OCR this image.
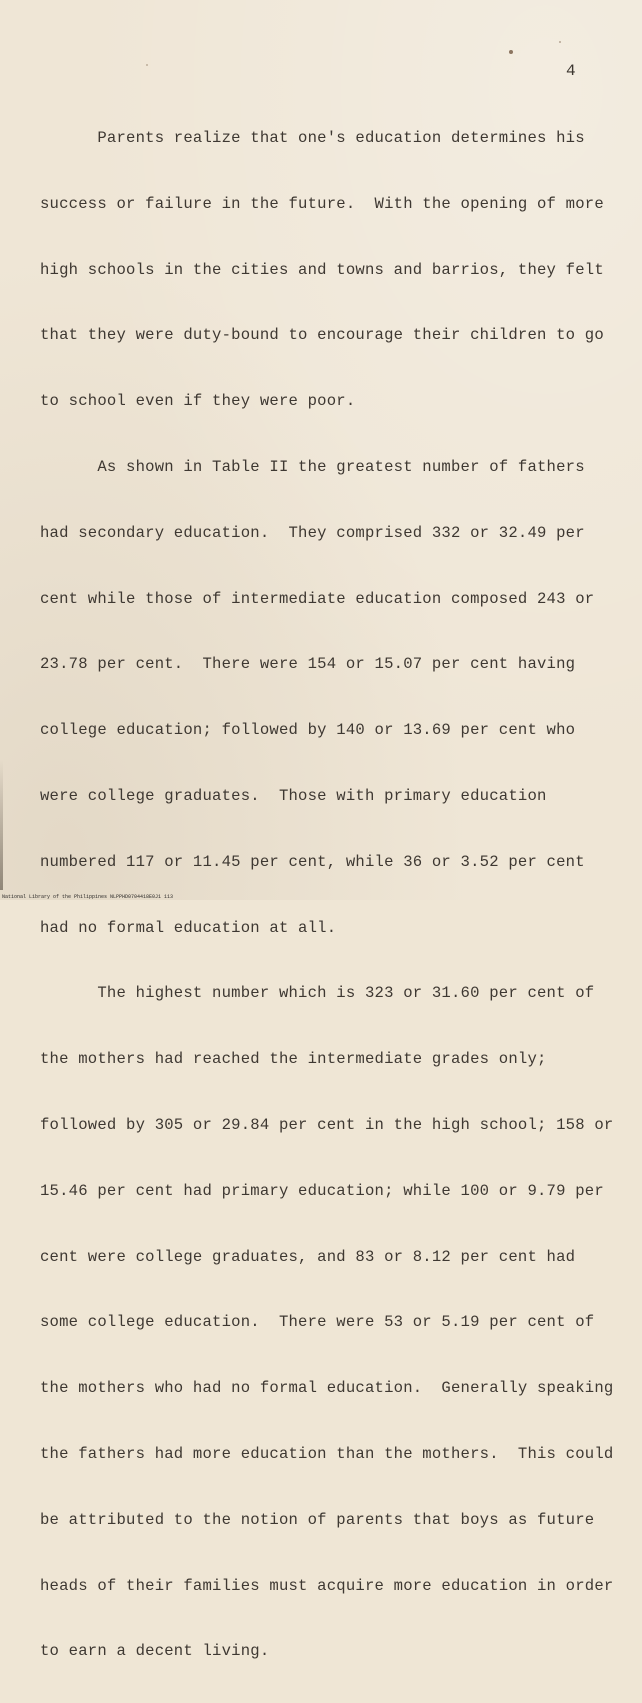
4

Parents realize that one's education determines his

success or failure in the future.  With the opening of more

high schools in the cities and towns and barrios, they felt

that they were duty-bound to encourage their children to go

to school even if they were poor.

As shown in Table II the greatest number of fathers

had secondary education.  They comprised 332 or 32.49 per

cent while those of intermediate education composed 243 or

23.78 per cent.  There were 154 or 15.07 per cent having

college education; followed by 140 or 13.69 per cent who

were college graduates.  Those with primary education

numbered 117 or 11.45 per cent, while 36 or 3.52 per cent

had no formal education at all.

The highest number which is 323 or 31.60 per cent of

the mothers had reached the intermediate grades only;

followed by 305 or 29.84 per cent in the high school; 158 or

15.46 per cent had primary education; while 100 or 9.79 per

cent were college graduates, and 83 or 8.12 per cent had

some college education.  There were 53 or 5.19 per cent of

the mothers who had no formal education.  Generally speaking

the fathers had more education than the mothers.  This could

be attributed to the notion of parents that boys as future

heads of their families must acquire more education in order

to earn a decent living.

National Library of the Philippines NLPPHD0704418E0J1 113
